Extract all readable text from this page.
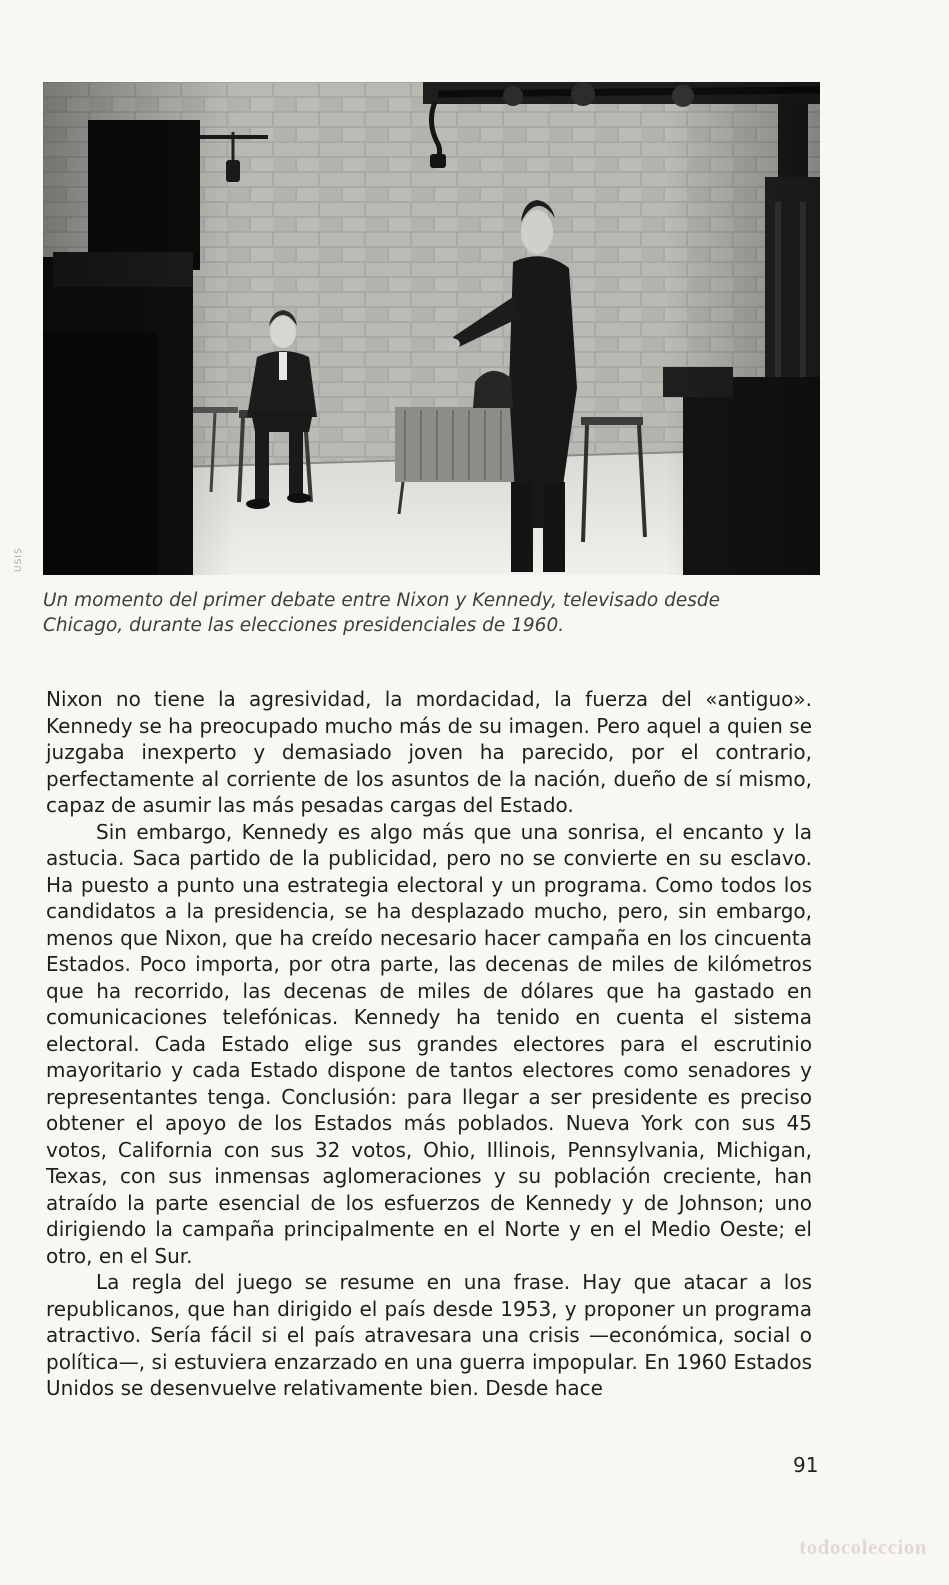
USIS

Un momento del primer debate entre Nixon y Kennedy, televisado desde Chicago, durante las elecciones presidenciales de 1960.

Nixon no tiene la agresividad, la mordacidad, la fuerza del «antiguo». Kennedy se ha preocupado mucho más de su imagen. Pero aquel a quien se juzgaba inexperto y demasiado joven ha parecido, por el contrario, perfectamente al corriente de los asuntos de la nación, dueño de sí mismo, capaz de asumir las más pesadas cargas del Estado.

Sin embargo, Kennedy es algo más que una sonrisa, el encanto y la astucia. Saca partido de la publicidad, pero no se convierte en su esclavo. Ha puesto a punto una estrategia electoral y un programa. Como todos los candidatos a la presidencia, se ha desplazado mucho, pero, sin embargo, menos que Nixon, que ha creído necesario hacer campaña en los cincuenta Estados. Poco importa, por otra parte, las decenas de miles de kilómetros que ha recorrido, las decenas de miles de dólares que ha gastado en comunicaciones telefónicas. Kennedy ha tenido en cuenta el sistema electoral. Cada Estado elige sus grandes electores para el escrutinio mayoritario y cada Estado dispone de tantos electores como senadores y representantes tenga. Conclusión: para llegar a ser presidente es preciso obtener el apoyo de los Estados más poblados. Nueva York con sus 45 votos, California con sus 32 votos, Ohio, Illinois, Pennsylvania, Michigan, Texas, con sus inmensas aglomeraciones y su población creciente, han atraído la parte esencial de los esfuerzos de Kennedy y de Johnson; uno dirigiendo la campaña principalmente en el Norte y en el Medio Oeste; el otro, en el Sur.

La regla del juego se resume en una frase. Hay que atacar a los republicanos, que han dirigido el país desde 1953, y proponer un programa atractivo. Sería fácil si el país atravesara una crisis —económica, social o política—, si estuviera enzarzado en una guerra impopular. En 1960 Estados Unidos se desenvuelve relativamente bien. Desde hace

91
todocoleccion
